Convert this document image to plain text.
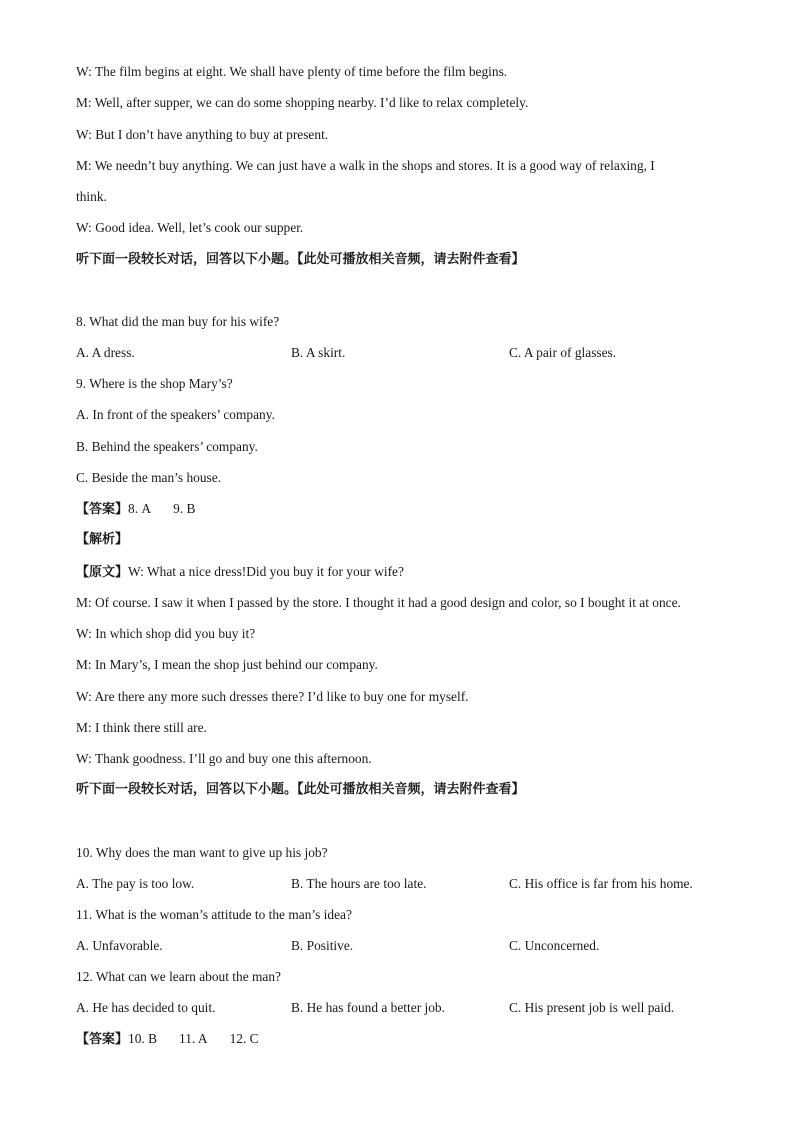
W: The film begins at eight. We shall have plenty of time before the film begins.
M: Well, after supper, we can do some shopping nearby. I’d like to relax completely.
W: But I don’t have anything to buy at present.
M: We needn’t buy anything. We can just have a walk in the shops and stores. It is a good way of relaxing, I
think.
W: Good idea. Well, let’s cook our supper.
听下面一段较长对话，回答以下小题。【此处可播放相关音频，请去附件查看】
8. What did the man buy for his wife?
A. A dress.	B. A skirt.	C. A pair of glasses.
9. Where is the shop Mary’s?
A. In front of the speakers’ company.
B. Behind the speakers’ company.
C. Beside the man’s house.
【答案】8. A 9. B
【解析】
【原文】W: What a nice dress!Did you buy it for your wife?
M: Of course. I saw it when I passed by the store. I thought it had a good design and color, so I bought it at once.
W: In which shop did you buy it?
M: In Mary’s, I mean the shop just behind our company.
W: Are there any more such dresses there? I’d like to buy one for myself.
M: I think there still are.
W: Thank goodness. I’ll go and buy one this afternoon.
听下面一段较长对话，回答以下小题。【此处可播放相关音频，请去附件查看】
10. Why does the man want to give up his job?
A. The pay is too low.	B. The hours are too late.	C. His office is far from his home.
11. What is the woman’s attitude to the man’s idea?
A. Unfavorable.	B. Positive.	C. Unconcerned.
12. What can we learn about the man?
A. He has decided to quit.	B. He has found a better job.	C. His present job is well paid.
【答案】10. B 11. A 12. C
